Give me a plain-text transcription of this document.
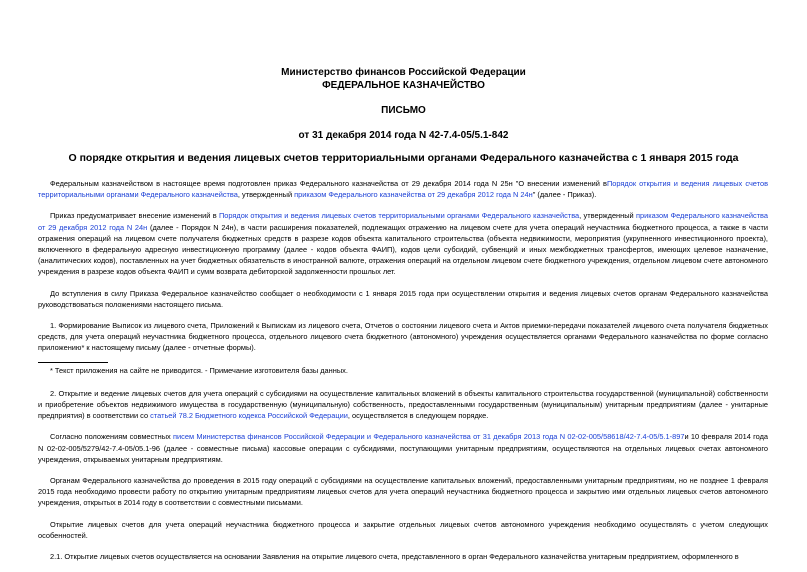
Министерство финансов Российской Федерации
ФЕДЕРАЛЬНОЕ КАЗНАЧЕЙСТВО
ПИСЬМО
от 31 декабря 2014 года N 42-7.4-05/5.1-842
О порядке открытия и ведения лицевых счетов территориальными органами Федерального казначейства с 1 января 2015 года

Федеральным казначейством в настоящее время подготовлен приказ Федерального казначейства от 29 декабря 2014 года N 25н "О внесении изменений вПорядок открытия и ведения лицевых счетов территориальными органами Федерального казначейства, утвержденный приказом Федерального казначейства от 29 декабря 2012 года N 24н" (далее - Приказ).

Приказ предусматривает внесение изменений в Порядок открытия и ведения лицевых счетов территориальными органами Федерального казначейства, утвержденный приказом Федерального казначейства от 29 декабря 2012 года N 24н (далее - Порядок N 24н), в части расширения показателей, подлежащих отражению на лицевом счете для учета операций неучастника бюджетного процесса, а также в части отражения операций на лицевом счете получателя бюджетных средств в разрезе кодов объекта капитального строительства (объекта недвижимости, мероприятия (укрупненного инвестиционного проекта), включенного в федеральную адресную инвестиционную программу (далее - кодов объекта ФАИП), кодов цели субсидий, субвенций и иных межбюджетных трансфертов, имеющих целевое назначение, (аналитических кодов), поставленных на учет бюджетных обязательств в иностранной валюте, отражения операций на отдельном лицевом счете бюджетного учреждения, отдельном лицевом счете автономного учреждения в разрезе кодов объекта ФАИП и сумм возврата дебиторской задолженности прошлых лет.

До вступления в силу Приказа Федеральное казначейство сообщает о необходимости с 1 января 2015 года при осуществлении открытия и ведения лицевых счетов органам Федерального казначейства руководствоваться положениями настоящего письма.

1. Формирование Выписок из лицевого счета, Приложений к Выпискам из лицевого счета, Отчетов о состоянии лицевого счета и Актов приемки-передачи показателей лицевого счета получателя бюджетных средств, для учета операций неучастника бюджетного процесса, отдельного лицевого счета бюджетного (автономного) учреждения осуществляется органами Федерального казначейства по форме согласно приложению* к настоящему письму (далее - отчетные формы).

* Текст приложения на сайте не приводится. - Примечание изготовителя базы данных.

2. Открытие и ведение лицевых счетов для учета операций с субсидиями на осуществление капитальных вложений в объекты капитального строительства государственной (муниципальной) собственности и приобретение объектов недвижимого имущества в государственную (муниципальную) собственность, предоставленными государственным (муниципальным) унитарным предприятиям (далее - унитарные предприятия) в соответствии со статьей 78.2 Бюджетного кодекса Российской Федерации, осуществляется в следующем порядке.

Согласно положениям совместных писем Министерства финансов Российской Федерации и Федерального казначейства от 31 декабря 2013 года N 02-02-005/58618/42-7.4-05/5.1-897и 10 февраля 2014 года N 02-02-005/5279/42-7.4-05/05.1-96 (далее - совместные письма) кассовые операции с субсидиями, поступающими унитарным предприятиям, осуществляются на отдельных лицевых счетах автономного учреждения, открываемых унитарным предприятиям.

Органам Федерального казначейства до проведения в 2015 году операций с субсидиями на осуществление капитальных вложений, предоставленными унитарным предприятиям, но не позднее 1 февраля 2015 года необходимо провести работу по открытию унитарным предприятиям лицевых счетов для учета операций неучастника бюджетного процесса и закрытию ими отдельных лицевых счетов автономного учреждения, открытых в 2014 году в соответствии с совместными письмами.

Открытие лицевых счетов для учета операций неучастника бюджетного процесса и закрытие отдельных лицевых счетов автономного учреждения необходимо осуществлять с учетом следующих особенностей.

2.1. Открытие лицевых счетов осуществляется на основании Заявления на открытие лицевого счета, представленного в орган Федерального казначейства унитарным предприятием, оформленного в
